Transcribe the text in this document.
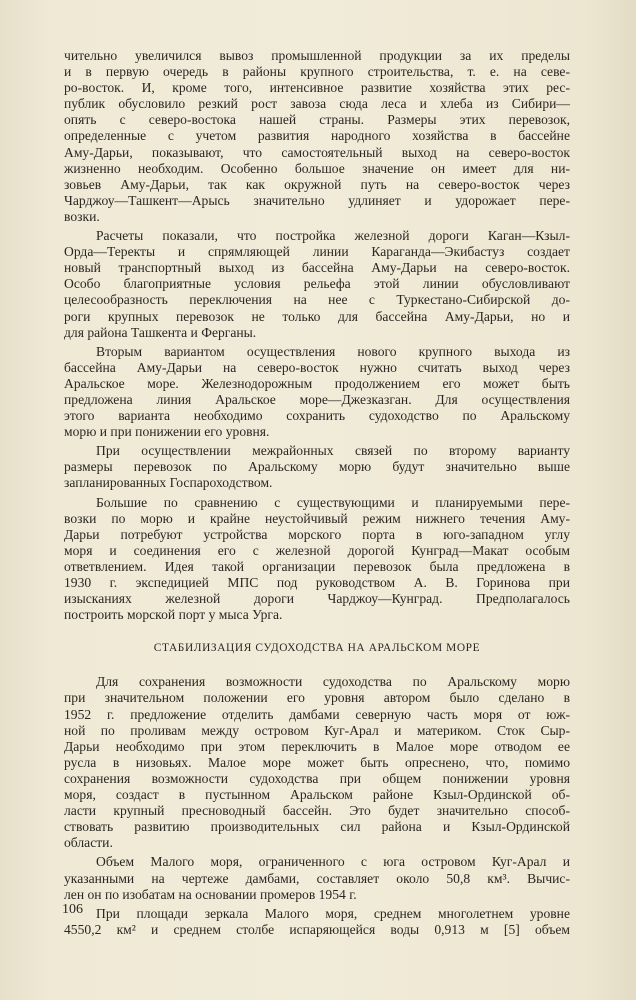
чительно увеличился вывоз промышленной продукции за их пределы
и в первую очередь в районы крупного строительства, т. е. на севе-
ро-восток. И, кроме того, интенсивное развитие хозяйства этих рес-
публик обусловило резкий рост завоза сюда леса и хлеба из Сибири—
опять с северо-востока нашей страны. Размеры этих перевозок,
определенные с учетом развития народного хозяйства в бассейне
Аму-Дарьи, показывают, что самостоятельный выход на северо-восток
жизненно необходим. Особенно большое значение он имеет для ни-
зовьев Аму-Дарьи, так как окружной путь на северо-восток через
Чарджоу—Ташкент—Арысь значительно удлиняет и удорожает пере-
возки.

Расчеты показали, что постройка железной дороги Каган—Кзыл-
Орда—Теректы и спрямляющей линии Караганда—Экибастуз создает
новый транспортный выход из бассейна Аму-Дарьи на северо-восток.
Особо благоприятные условия рельефа этой линии обусловливают
целесообразность переключения на нее с Туркестано-Сибирской до-
роги крупных перевозок не только для бассейна Аму-Дарьи, но и
для района Ташкента и Ферганы.

Вторым вариантом осуществления нового крупного выхода из
бассейна Аму-Дарьи на северо-восток нужно считать выход через
Аральское море. Железнодорожным продолжением его может быть
предложена линия Аральское море—Джезказган. Для осуществления
этого варианта необходимо сохранить судоходство по Аральскому
морю и при понижении его уровня.

При осуществлении межрайонных связей по второму варианту
размеры перевозок по Аральскому морю будут значительно выше
запланированных Госпароходством.

Большие по сравнению с существующими и планируемыми пере-
возки по морю и крайне неустойчивый режим нижнего течения Аму-
Дарьи потребуют устройства морского порта в юго-западном углу
моря и соединения его с железной дорогой Кунград—Макат особым
ответвлением. Идея такой организации перевозок была предложена в
1930 г. экспедицией МПС под руководством А. В. Горинова при
изысканиях железной дороги Чарджоу—Кунград. Предполагалось
построить морской порт у мыса Урга.

СТАБИЛИЗАЦИЯ СУДОХОДСТВА НА АРАЛЬСКОМ МОРЕ

Для сохранения возможности судоходства по Аральскому морю
при значительном положении его уровня автором было сделано в
1952 г. предложение отделить дамбами северную часть моря от юж-
ной по проливам между островом Куг-Арал и материком. Сток Сыр-
Дарьи необходимо при этом переключить в Малое море отводом ее
русла в низовьях. Малое море может быть опреснено, что, помимо
сохранения возможности судоходства при общем понижении уровня
моря, создаст в пустынном Аральском районе Кзыл-Ординской об-
ласти крупный пресноводный бассейн. Это будет значительно способ-
ствовать развитию производительных сил района и Кзыл-Ординской
области.

Объем Малого моря, ограниченного с юга островом Куг-Арал и
указанными на чертеже дамбами, составляет около 50,8 км³. Вычис-
лен он по изобатам на основании промеров 1954 г.

При площади зеркала Малого моря, среднем многолетнем уровне
4550,2 км² и среднем столбе испаряющейся воды 0,913 м [5] объем

106
